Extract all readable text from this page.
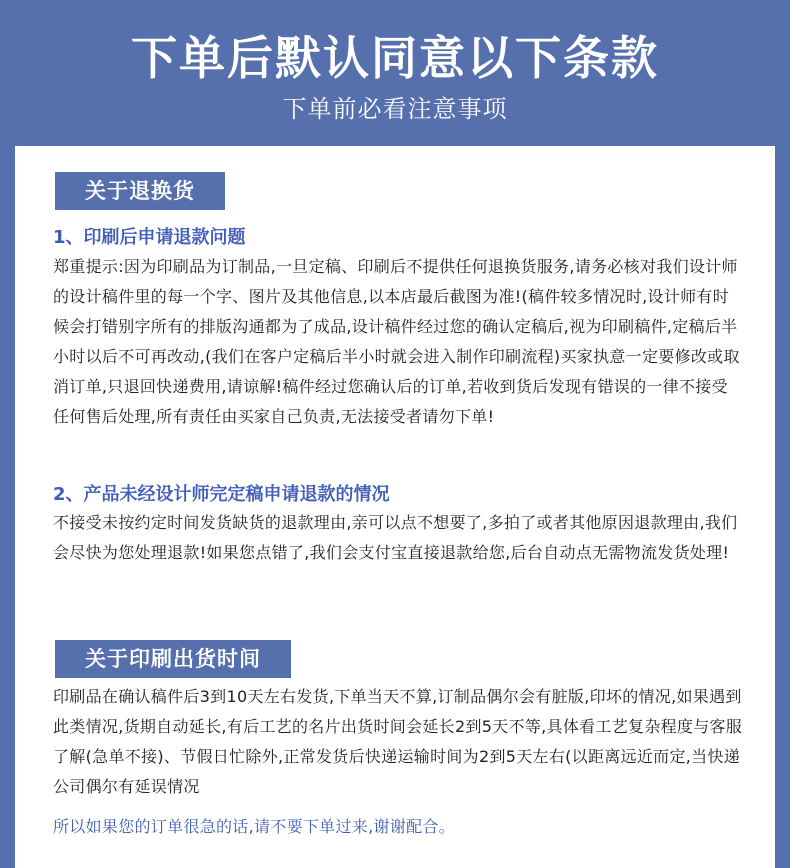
下单后默认同意以下条款
下单前必看注意事项
关于退换货
1、印刷后申请退款问题
郑重提示:因为印刷品为订制品,一旦定稿、印刷后不提供任何退换货服务,请务必核对我们设计师的设计稿件里的每一个字、图片及其他信息,以本店最后截图为准!(稿件较多情况时,设计师有时候会打错别字所有的排版沟通都为了成品,设计稿件经过您的确认定稿后,视为印刷稿件,定稿后半小时以后不可再改动,(我们在客户定稿后半小时就会进入制作印刷流程)买家执意一定要修改或取消订单,只退回快递费用,请谅解!稿件经过您确认后的订单,若收到货后发现有错误的一律不接受任何售后处理,所有责任由买家自己负责,无法接受者请勿下单!
2、产品未经设计师完定稿申请退款的情况
不接受未按约定时间发货缺货的退款理由,亲可以点不想要了,多拍了或者其他原因退款理由,我们会尽快为您处理退款!如果您点错了,我们会支付宝直接退款给您,后台自动点无需物流发货处理!
关于印刷出货时间
印刷品在确认稿件后3到10天左右发货,下单当天不算,订制品偶尔会有脏版,印坏的情况,如果遇到此类情况,货期自动延长,有后工艺的名片出货时间会延长2到5天不等,具体看工艺复杂程度与客服了解(急单不接)、节假日忙除外,正常发货后快递运输时间为2到5天左右(以距离远近而定,当快递公司偶尔有延误情况
所以如果您的订单很急的话,请不要下单过来,谢谢配合。
